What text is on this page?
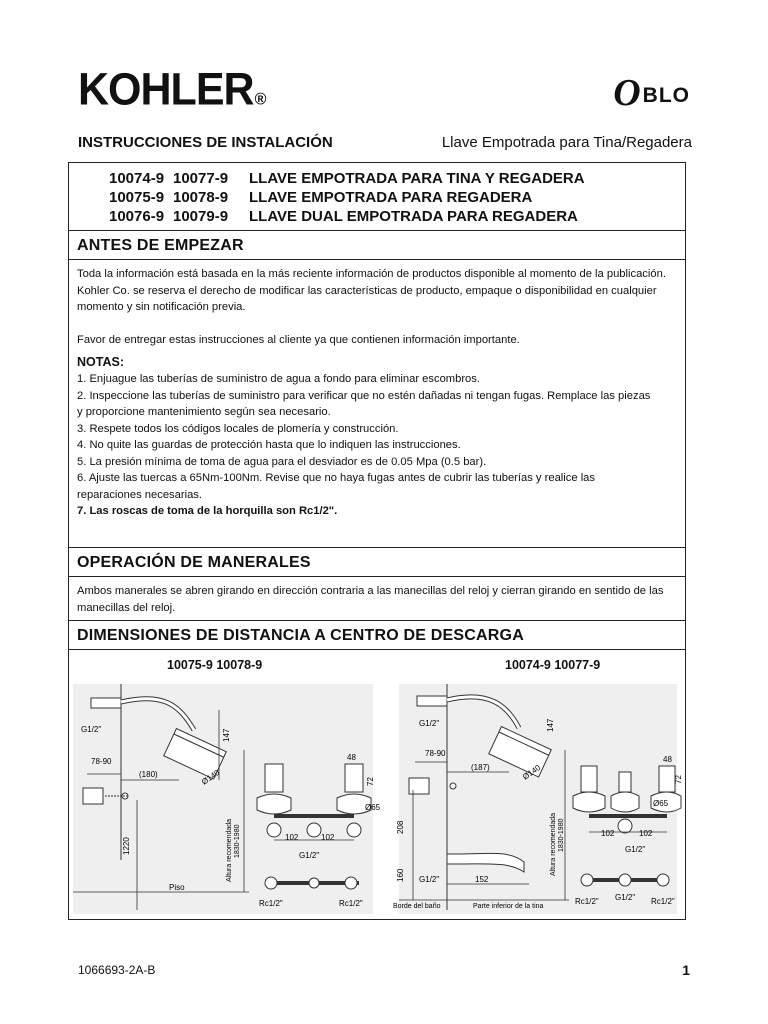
KOHLER®	O BLO
INSTRUCCIONES DE INSTALACIÓN	Llave Empotrada para Tina/Regadera
10074-9 10077-9	LLAVE EMPOTRADA PARA TINA Y REGADERA
10075-9 10078-9	LLAVE EMPOTRADA PARA REGADERA
10076-9 10079-9	LLAVE DUAL EMPOTRADA PARA REGADERA
ANTES DE EMPEZAR
Toda la información está basada en la más reciente información de productos disponible al momento de la publicación.
Kohler Co. se reserva el derecho de modificar las características de producto, empaque o disponibilidad en cualquier
momento y sin notificación previa.
Favor de entregar estas instrucciones al cliente ya que contienen información importante.
NOTAS:
1. Enjuague las tuberías de suministro de agua a fondo para eliminar escombros.
2. Inspeccione las tuberías de suministro para verificar que no estén dañadas ni tengan fugas. Remplace las piezas
y proporcione mantenimiento según sea necesario.
3. Respete todos los códigos locales de plomería y construcción.
4. No quite las guardas de protección hasta que lo indiquen las instrucciones.
5. La presión mínima de toma de agua para el desviador es de 0.05 Mpa (0.5 bar).
6. Ajuste las tuercas a 65Nm-100Nm. Revise que no haya fugas antes de cubrir las tuberías y realice las
reparaciones necesarias.
7. Las roscas de toma de la horquilla son Rc1/2".
OPERACIÓN DE MANERALES
Ambos manerales se abren girando en dirección contraria a las manecillas del reloj y cierran girando en sentido de las
manecillas del reloj.
DIMENSIONES DE DISTANCIA A CENTRO DE DESCARGA
10075-9 10078-9	10074-9 10077-9
G1/2"
78-90
(180)
147
Ø140
1220	Altura recomendada 1830-1980
Piso
48
72
Ø65
102	102
G1/2"
Rc1/2"	Rc1/2"
G1/2"
78-90
(187)
147
Ø140
208
160 G1/2"	152
Altura recomendada 1830-1980
Borde del baño	Parte inferior de la tina
48
72
Ø65
102	102
G1/2"
G1/2"
Rc1/2"	Rc1/2"
1066693-2A-B	1
